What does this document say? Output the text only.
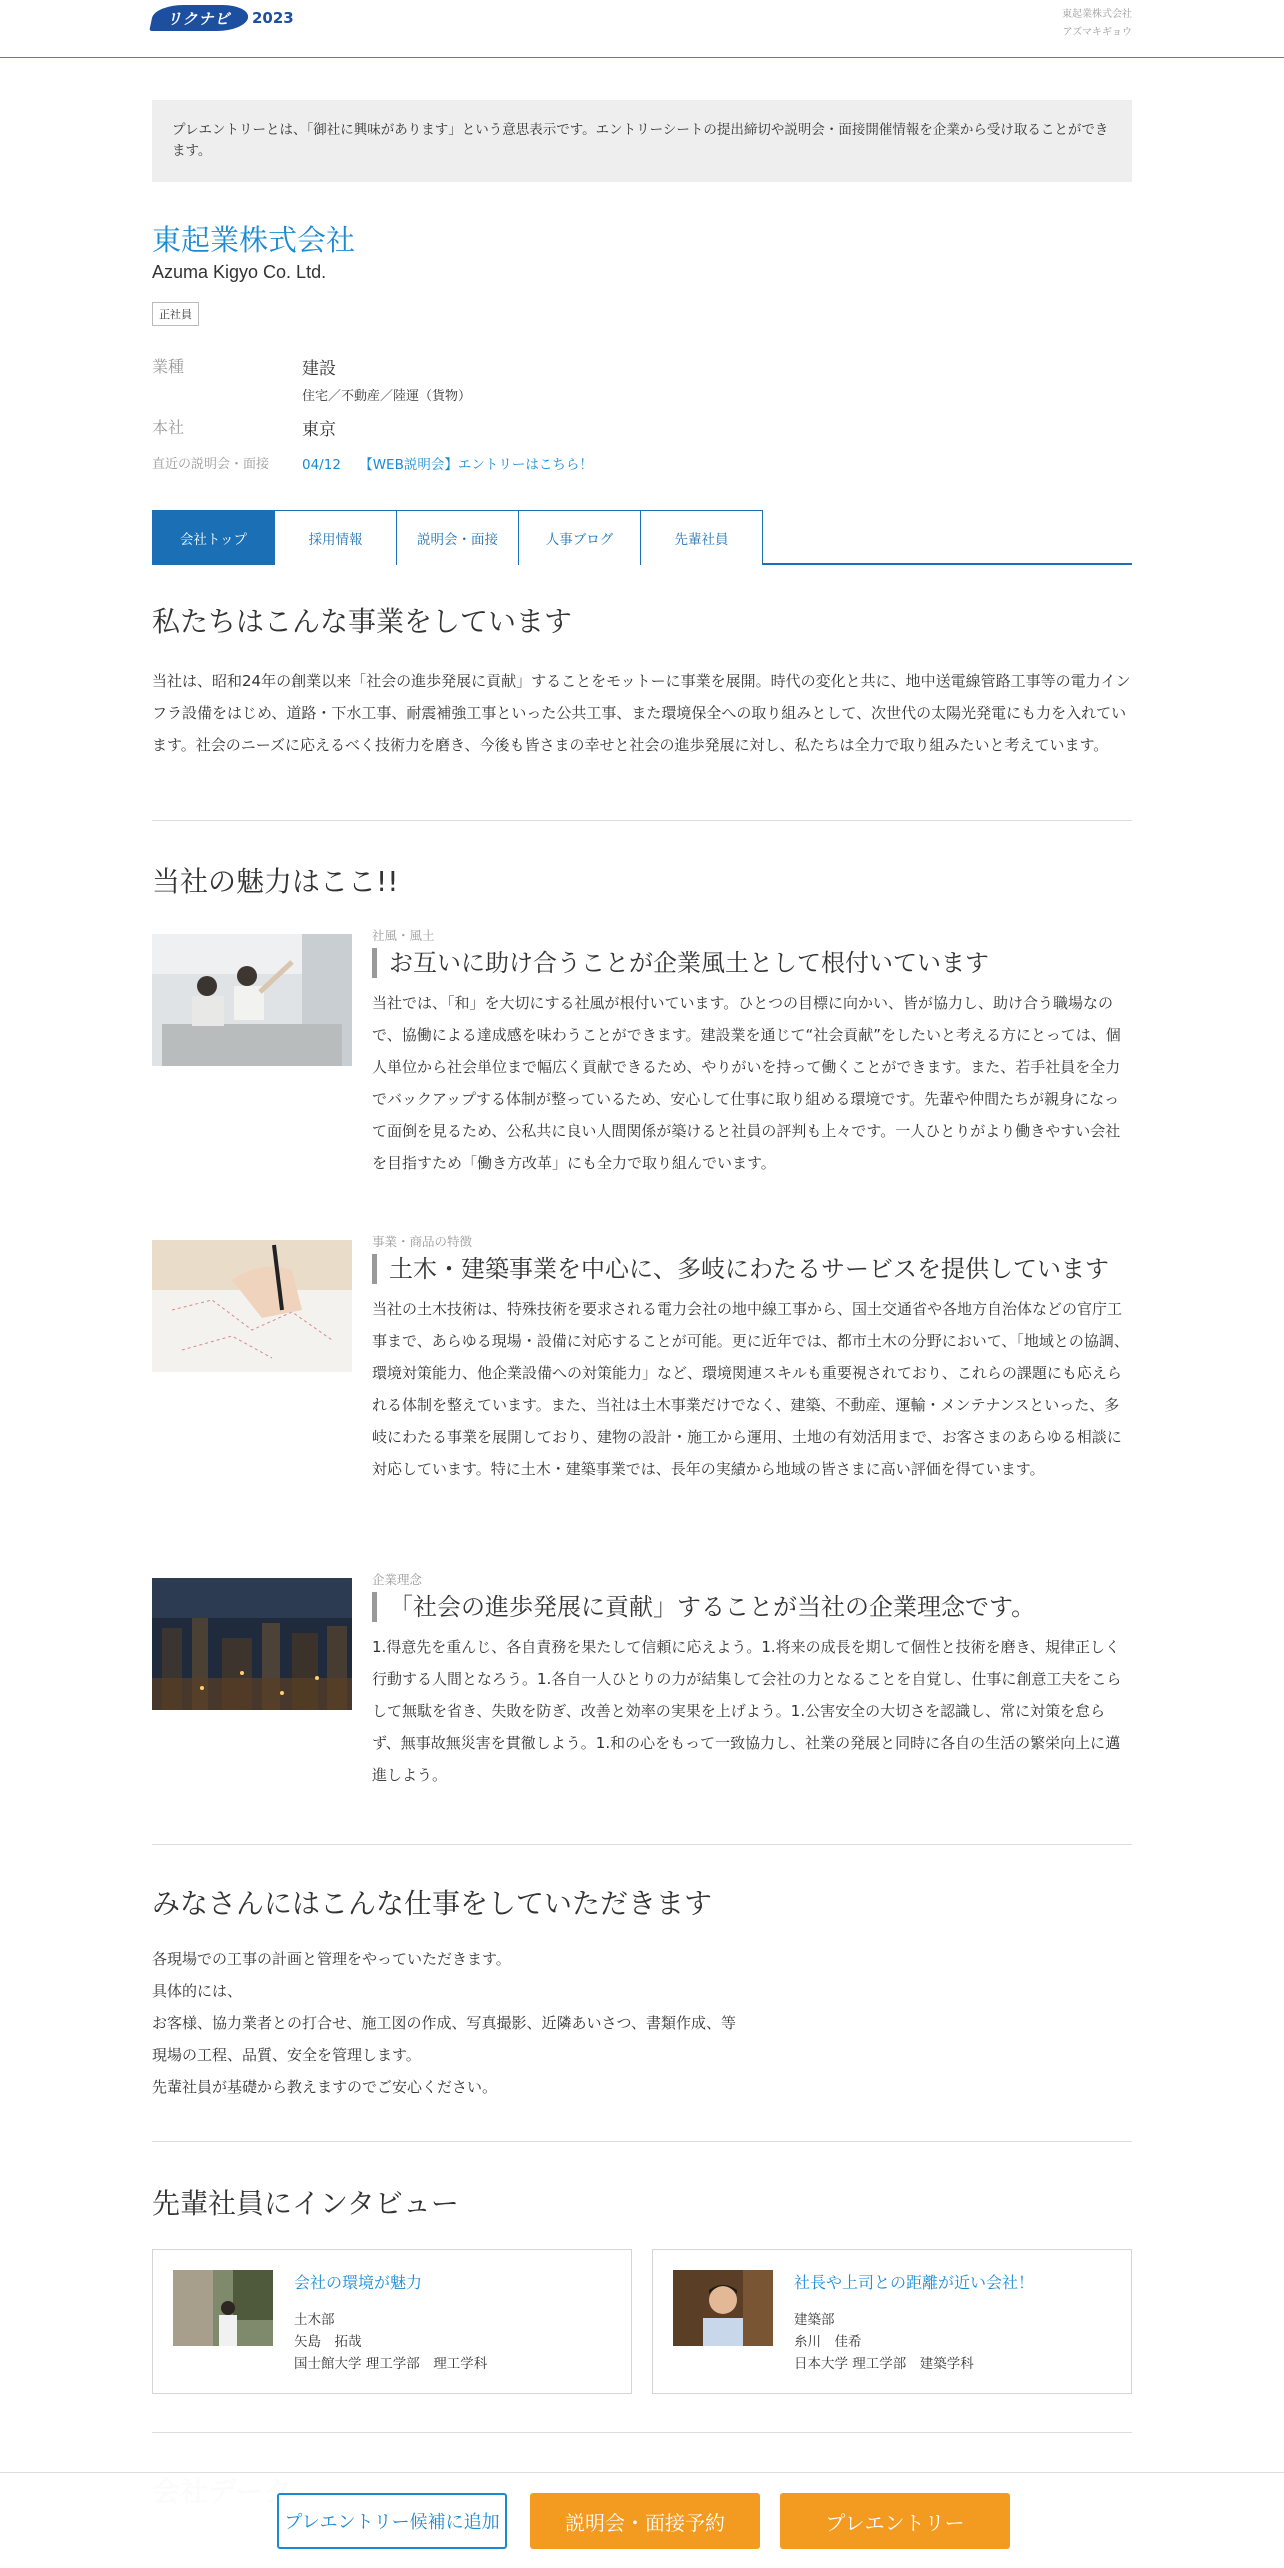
リクナビ	2023	東起業株式会社
アズマキギョウ
プレエントリーとは、「御社に興味があります」という意思表示です。エントリーシートの提出締切や説明会・面接開催情報を企業から受け取ることができます。
東起業株式会社
Azuma Kigyo Co. Ltd.
正社員
業種	建設
住宅／不動産／陸運（貨物）
本社	東京
直近の説明会・面接 04/12 【WEB説明会】エントリーはこちら！
会社トップ	採用情報	説明会・面接	人事ブログ	先輩社員
私たちはこんな事業をしています

当社は、昭和24年の創業以来「社会の進歩発展に貢献」することをモットーに事業を展開。時代の変化と共に、地中送電線管路工事等の電力インフラ設備をはじめ、道路・下水工事、耐震補強工事といった公共工事、また環境保全への取り組みとして、次世代の太陽光発電にも力を入れています。社会のニーズに応えるべく技術力を磨き、今後も皆さまの幸せと社会の進歩発展に対し、私たちは全力で取り組みたいと考えています。

当社の魅力はここ!!
社風・風土
お互いに助け合うことが企業風土として根付いています

当社では、「和」を大切にする社風が根付いています。ひとつの目標に向かい、皆が協力し、助け合う職場なので、協働による達成感を味わうことができます。建設業を通じて“社会貢献”をしたいと考える方にとっては、個人単位から社会単位まで幅広く貢献できるため、やりがいを持って働くことができます。また、若手社員を全力でバックアップする体制が整っているため、安心して仕事に取り組める環境です。先輩や仲間たちが親身になって面倒を見るため、公私共に良い人間関係が築けると社員の評判も上々です。一人ひとりがより働きやすい会社を目指すため「働き方改革」にも全力で取り組んでいます。

事業・商品の特徴
土木・建築事業を中心に、多岐にわたるサービスを提供しています

当社の土木技術は、特殊技術を要求される電力会社の地中線工事から、国土交通省や各地方自治体などの官庁工事まで、あらゆる現場・設備に対応することが可能。更に近年では、都市土木の分野において、「地域との協調、環境対策能力、他企業設備への対策能力」など、環境関連スキルも重要視されており、これらの課題にも応えられる体制を整えています。また、当社は土木事業だけでなく、建築、不動産、運輸・メンテナンスといった、多岐にわたる事業を展開しており、建物の設計・施工から運用、土地の有効活用まで、お客さまのあらゆる相談に対応しています。特に土木・建築事業では、長年の実績から地域の皆さまに高い評価を得ています。

企業理念
「社会の進歩発展に貢献」することが当社の企業理念です。

1.得意先を重んじ、各自責務を果たして信頼に応えよう。1.将来の成長を期して個性と技術を磨き、規律正しく行動する人間となろう。1.各自一人ひとりの力が結集して会社の力となることを自覚し、仕事に創意工夫をこらして無駄を省き、失敗を防ぎ、改善と効率の実果を上げよう。1.公害安全の大切さを認識し、常に対策を怠らず、無事故無災害を貫徹しよう。1.和の心をもって一致協力し、社業の発展と同時に各自の生活の繁栄向上に邁進しよう。

みなさんにはこんな仕事をしていただきます
各現場での工事の計画と管理をやっていただきます。
具体的には、
お客様、協力業者との打合せ、施工図の作成、写真撮影、近隣あいさつ、書類作成、等
現場の工程、品質、安全を管理します。
先輩社員が基礎から教えますのでご安心ください。
先輩社員にインタビュー
会社の環境が魅力
土木部
矢島　拓哉
国士館大学 理工学部　理工学科
社長や上司との距離が近い会社！
建築部
糸川　佳希
日本大学 理工学部　建築学科
プレエントリー候補に追加	説明会・面接予約	プレエントリー
